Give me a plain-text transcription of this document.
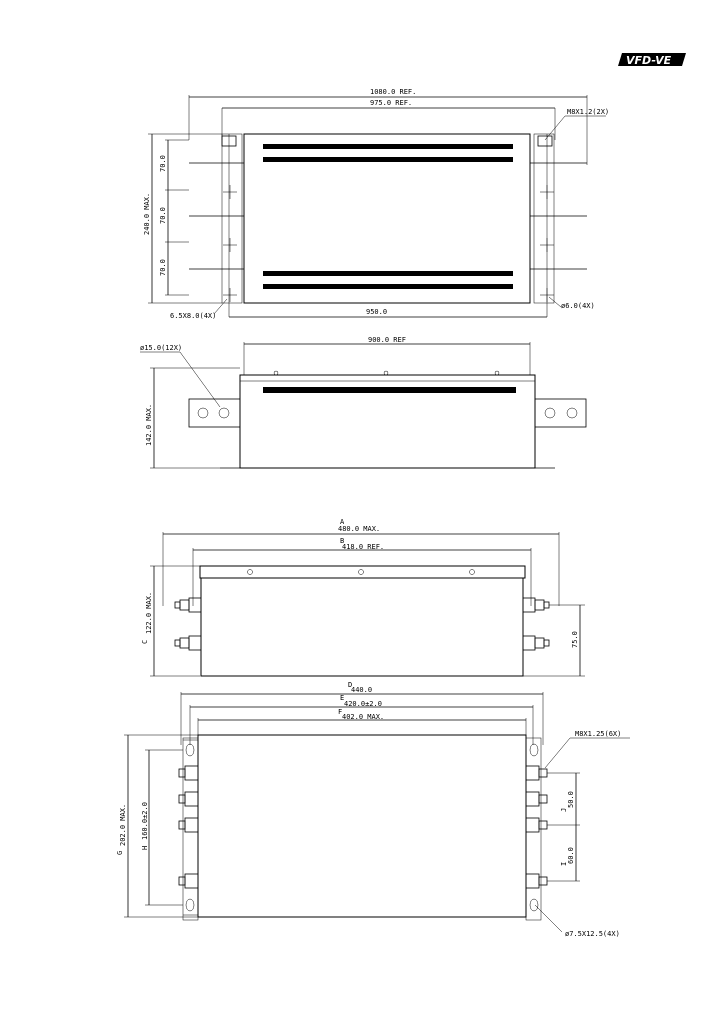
VFD-VE
1080.0 REF.
975.0 REF.
M8X1.2(2X)
240.0 MAX.
70.0
70.0
70.0
950.0
6.5X8.0(4X)
ø6.0(4X)
900.0 REF
142.0 MAX.
ø15.0(12X)
A
480.0 MAX.
B
418.0 REF.
C
122.0 MAX.
75.0
D
440.0
E
420.0±2.0
F
402.0 MAX.
M8X1.25(6X)
G
202.0 MAX.
H
160.0±2.0	J
50.0
I 60.0
ø7.5X12.5(4X)
